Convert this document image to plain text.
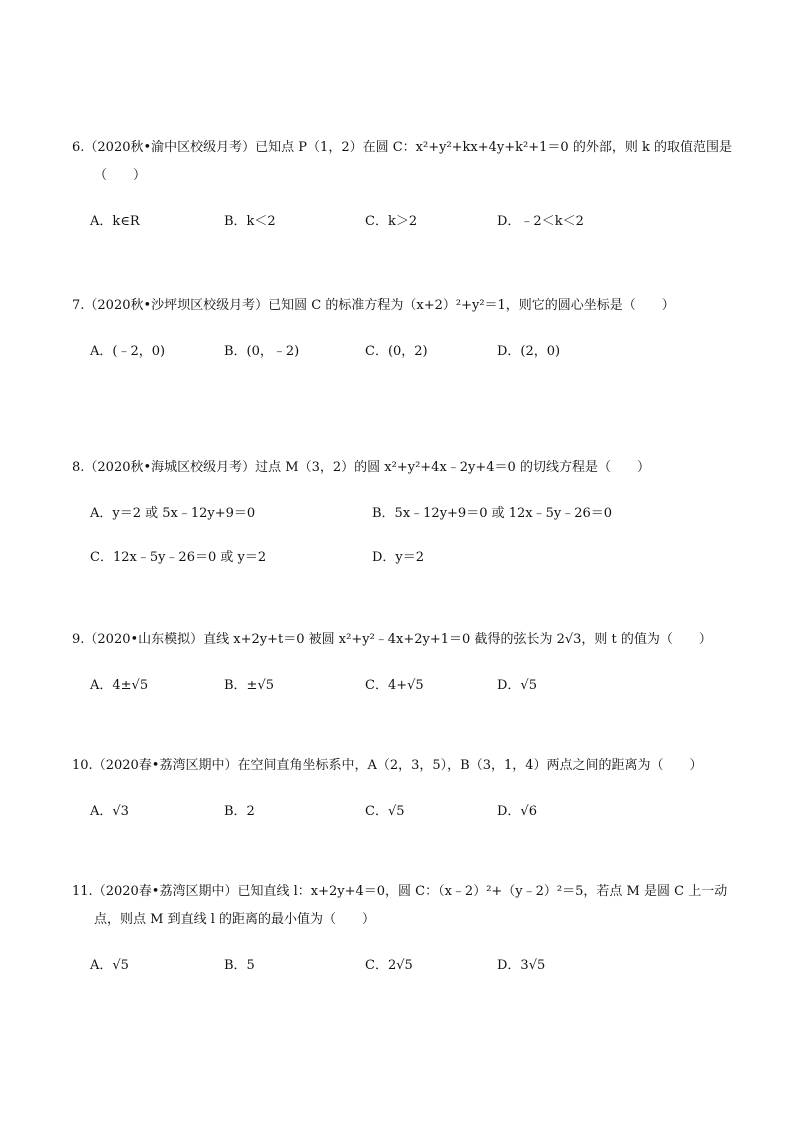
6.（2020秋•渝中区校级月考）已知点 P（1，2）在圆 C：x²+y²+kx+4y+k²+1＝0 的外部，则 k 的取值范围是
（　　）
A．k∈R	B．k＜2	C．k＞2	D．﹣2＜k＜2
7.（2020秋•沙坪坝区校级月考）已知圆 C 的标准方程为（x+2）²+y²＝1，则它的圆心坐标是（　　）
A．(﹣2，0)	B．(0，﹣2)	C．(0，2)	D．(2，0)
8.（2020秋•海城区校级月考）过点 M（3，2）的圆 x²+y²+4x﹣2y+4＝0 的切线方程是（　　）
A．y＝2 或 5x﹣12y+9＝0	B．5x﹣12y+9＝0 或 12x﹣5y﹣26＝0
C．12x﹣5y﹣26＝0 或 y＝2	D．y＝2
9.（2020•山东模拟）直线 x+2y+t＝0 被圆 x²+y²﹣4x+2y+1＝0 截得的弦长为 2√3，则 t 的值为（　　）
A．4±√5	B．±√5	C．4+√5	D．√5
10.（2020春•荔湾区期中）在空间直角坐标系中，A（2，3，5），B（3，1，4）两点之间的距离为（　　）
A．√3	B．2	C．√5	D．√6
11.（2020春•荔湾区期中）已知直线 l：x+2y+4＝0，圆 C：（x﹣2）²+（y﹣2）²＝5，若点 M 是圆 C 上一动
点，则点 M 到直线 l 的距离的最小值为（　　）
A．√5	B．5	C．2√5	D．3√5
